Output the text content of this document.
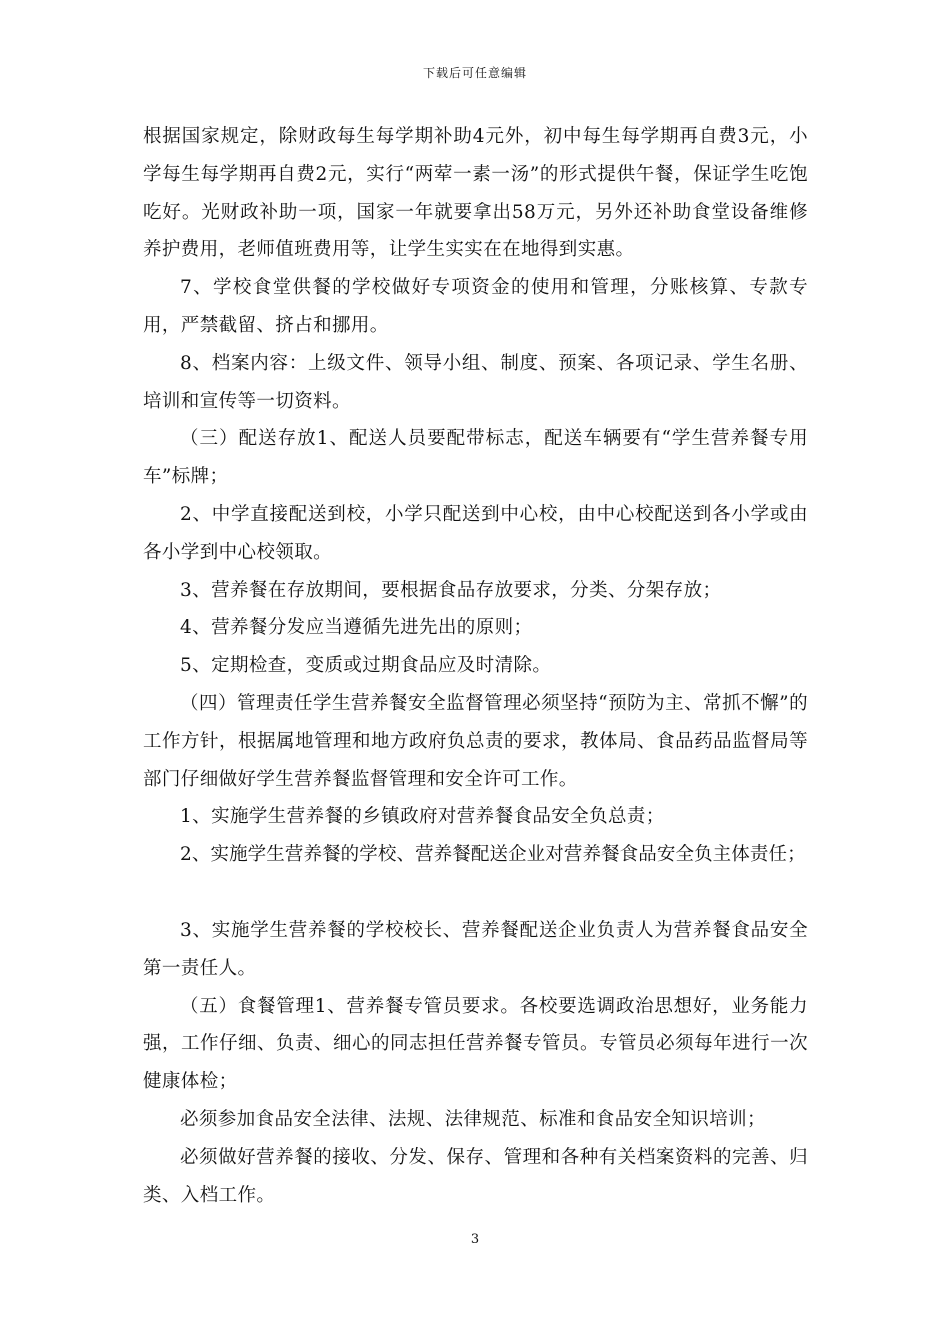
下载后可任意编辑

根据国家规定，除财政每生每学期补助4元外，初中每生每学期再自费3元，小学每生每学期再自费2元，实行“两荤一素一汤”的形式提供午餐，保证学生吃饱吃好。光财政补助一项，国家一年就要拿出58万元，另外还补助食堂设备维修养护费用，老师值班费用等，让学生实实在在地得到实惠。

7、学校食堂供餐的学校做好专项资金的使用和管理，分账核算、专款专用，严禁截留、挤占和挪用。

8、档案内容：上级文件、领导小组、制度、预案、各项记录、学生名册、培训和宣传等一切资料。

（三）配送存放1、配送人员要配带标志，配送车辆要有“学生营养餐专用车”标牌；

2、中学直接配送到校，小学只配送到中心校，由中心校配送到各小学或由各小学到中心校领取。

3、营养餐在存放期间，要根据食品存放要求，分类、分架存放；

4、营养餐分发应当遵循先进先出的原则；

5、定期检查，变质或过期食品应及时清除。

（四）管理责任学生营养餐安全监督管理必须坚持“预防为主、常抓不懈”的工作方针，根据属地管理和地方政府负总责的要求，教体局、食品药品监督局等部门仔细做好学生营养餐监督管理和安全许可工作。

1、实施学生营养餐的乡镇政府对营养餐食品安全负总责；

2、实施学生营养餐的学校、营养餐配送企业对营养餐食品安全负主体责任；

3、实施学生营养餐的学校校长、营养餐配送企业负责人为营养餐食品安全第一责任人。

（五）食餐管理1、营养餐专管员要求。各校要选调政治思想好，业务能力强，工作仔细、负责、细心的同志担任营养餐专管员。专管员必须每年进行一次健康体检；

必须参加食品安全法律、法规、法律规范、标准和食品安全知识培训；

必须做好营养餐的接收、分发、保存、管理和各种有关档案资料的完善、归类、入档工作。

3
